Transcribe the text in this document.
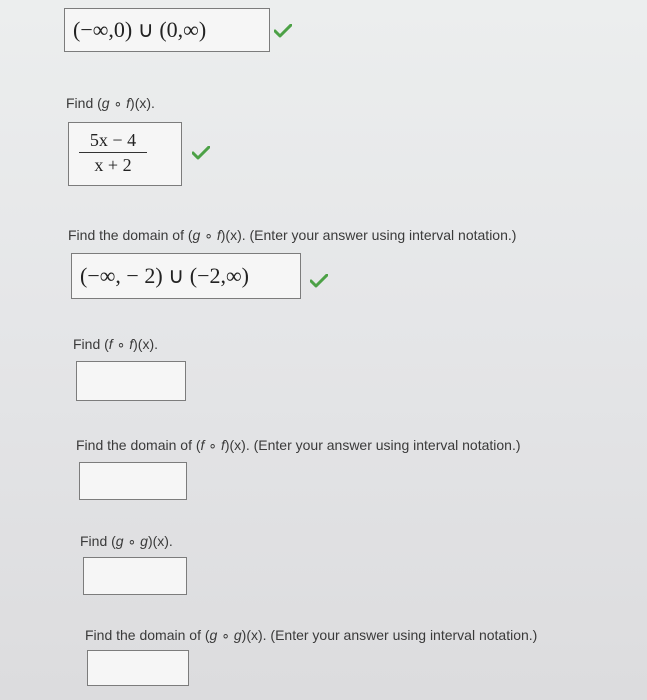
(−∞,0) ∪ (0,∞)
Find (g ∘ f)(x).
5x − 4
x + 2
Find the domain of (g ∘ f)(x). (Enter your answer using interval notation.)
(−∞, − 2) ∪ (−2,∞)
Find (f ∘ f)(x).
Find the domain of (f ∘ f)(x). (Enter your answer using interval notation.)
Find (g ∘ g)(x).
Find the domain of (g ∘ g)(x). (Enter your answer using interval notation.)
